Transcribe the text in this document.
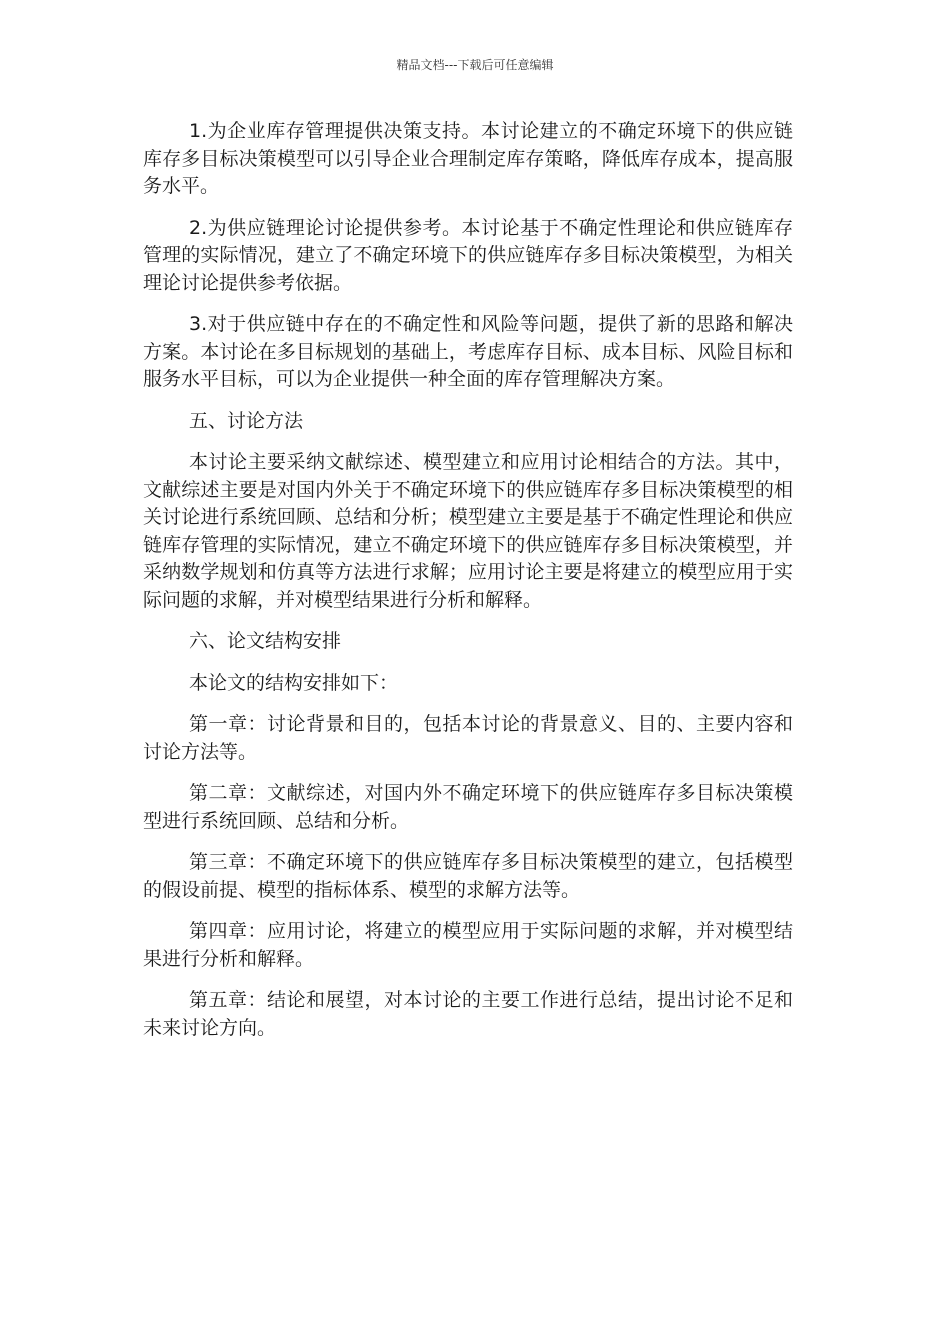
精品文档---下载后可任意编辑

1.为企业库存管理提供决策支持。本讨论建立的不确定环境下的供应链库存多目标决策模型可以引导企业合理制定库存策略，降低库存成本，提高服务水平。

2.为供应链理论讨论提供参考。本讨论基于不确定性理论和供应链库存管理的实际情况，建立了不确定环境下的供应链库存多目标决策模型，为相关理论讨论提供参考依据。

3.对于供应链中存在的不确定性和风险等问题，提供了新的思路和解决方案。本讨论在多目标规划的基础上，考虑库存目标、成本目标、风险目标和服务水平目标，可以为企业提供一种全面的库存管理解决方案。

五、讨论方法

本讨论主要采纳文献综述、模型建立和应用讨论相结合的方法。其中，文献综述主要是对国内外关于不确定环境下的供应链库存多目标决策模型的相关讨论进行系统回顾、总结和分析；模型建立主要是基于不确定性理论和供应链库存管理的实际情况，建立不确定环境下的供应链库存多目标决策模型，并采纳数学规划和仿真等方法进行求解；应用讨论主要是将建立的模型应用于实际问题的求解，并对模型结果进行分析和解释。

六、论文结构安排

本论文的结构安排如下：

第一章：讨论背景和目的，包括本讨论的背景意义、目的、主要内容和讨论方法等。

第二章：文献综述，对国内外不确定环境下的供应链库存多目标决策模型进行系统回顾、总结和分析。

第三章：不确定环境下的供应链库存多目标决策模型的建立，包括模型的假设前提、模型的指标体系、模型的求解方法等。

第四章：应用讨论，将建立的模型应用于实际问题的求解，并对模型结果进行分析和解释。

第五章：结论和展望，对本讨论的主要工作进行总结，提出讨论不足和未来讨论方向。
